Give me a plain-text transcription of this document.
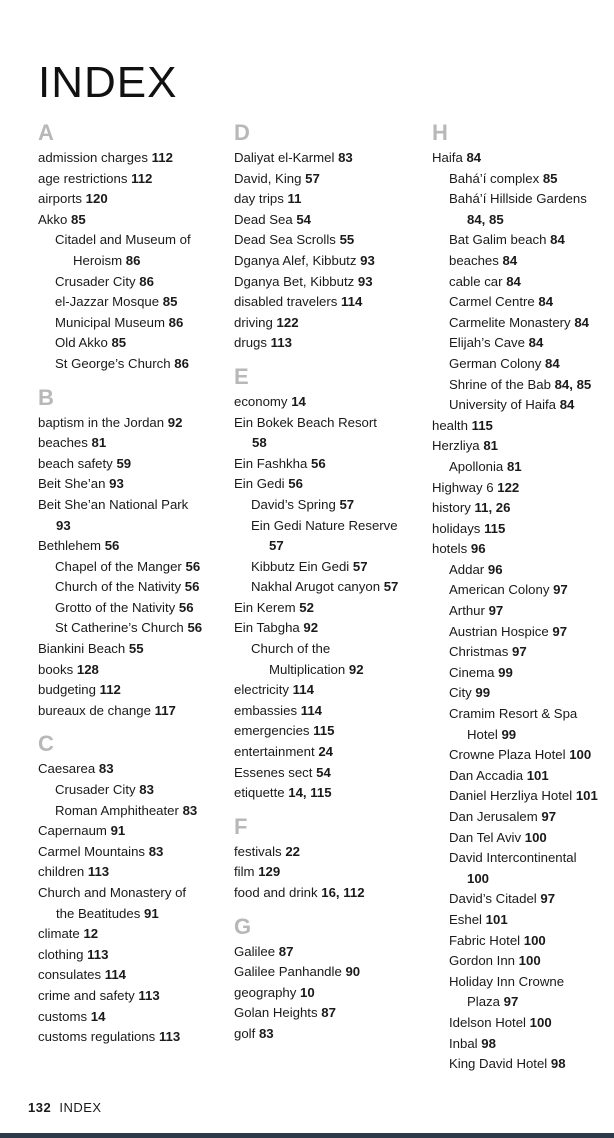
INDEX
A
admission charges 112
age restrictions 112
airports 120
Akko 85
Citadel and Museum of
Heroism 86
Crusader City 86
el-Jazzar Mosque 85
Municipal Museum 86
Old Akko 85
St George’s Church 86
B
baptism in the Jordan 92
beaches 81
beach safety 59
Beit She’an 93
Beit She’an National Park
93
Bethlehem 56
Chapel of the Manger 56
Church of the Nativity 56
Grotto of the Nativity 56
St Catherine’s Church 56
Biankini Beach 55
books 128
budgeting 112
bureaux de change 117
C
Caesarea 83
Crusader City 83
Roman Amphitheater 83
Capernaum 91
Carmel Mountains 83
children 113
Church and Monastery of
the Beatitudes 91
climate 12
clothing 113
consulates 114
crime and safety 113
customs 14
customs regulations 113
D
Daliyat el-Karmel 83
David, King 57
day trips 11
Dead Sea 54
Dead Sea Scrolls 55
Dganya Alef, Kibbutz 93
Dganya Bet, Kibbutz 93
disabled travelers 114
driving 122
drugs 113
E
economy 14
Ein Bokek Beach Resort
58
Ein Fashkha 56
Ein Gedi 56
David’s Spring 57
Ein Gedi Nature Reserve
57
Kibbutz Ein Gedi 57
Nakhal Arugot canyon 57
Ein Kerem 52
Ein Tabgha 92
Church of the
Multiplication 92
electricity 114
embassies 114
emergencies 115
entertainment 24
Essenes sect 54
etiquette 14, 115
F
festivals 22
film 129
food and drink 16, 112
G
Galilee 87
Galilee Panhandle 90
geography 10
Golan Heights 87
golf 83
H
Haifa 84
Bahá’í complex 85
Bahá’í Hillside Gardens
84, 85
Bat Galim beach 84
beaches 84
cable car 84
Carmel Centre 84
Carmelite Monastery 84
Elijah’s Cave 84
German Colony 84
Shrine of the Bab 84, 85
University of Haifa 84
health 115
Herzliya 81
Apollonia 81
Highway 6 122
history 11, 26
holidays 115
hotels 96
Addar 96
American Colony 97
Arthur 97
Austrian Hospice 97
Christmas 97
Cinema 99
City 99
Cramim Resort & Spa
Hotel 99
Crowne Plaza Hotel 100
Dan Accadia 101
Daniel Herzliya Hotel 101
Dan Jerusalem 97
Dan Tel Aviv 100
David Intercontinental
100
David’s Citadel 97
Eshel 101
Fabric Hotel 100
Gordon Inn 100
Holiday Inn Crowne
Plaza 97
Idelson Hotel 100
Inbal 98
King David Hotel 98
132 INDEX
